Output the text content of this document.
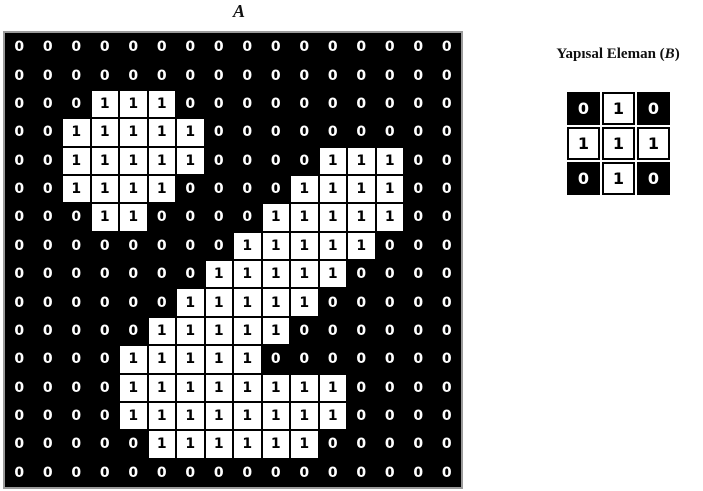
A
0	0	0	0	0	0	0	0	0	0	0	0	0	0	0	0
0	0	0	0	0	0	0	0	0	0	0	0	0	0	0	0
0	0	0	1	1	1	0	0	0	0	0	0	0	0	0	0
0	0	1	1	1	1	1	0	0	0	0	0	0	0	0	0
0	0	1	1	1	1	1	0	0	0	0	1	1	1	0	0
0	0	1	1	1	1	0	0	0	0	1	1	1	1	0	0
0	0	0	1	1	0	0	0	0	1	1	1	1	1	0	0
0	0	0	0	0	0	0	0	1	1	1	1	1	0	0	0
0	0	0	0	0	0	0	1	1	1	1	1	0	0	0	0
0	0	0	0	0	0	1	1	1	1	1	0	0	0	0	0
0	0	0	0	0	1	1	1	1	1	0	0	0	0	0	0
0	0	0	0	1	1	1	1	1	0	0	0	0	0	0	0
0	0	0	0	1	1	1	1	1	1	1	1	0	0	0	0
0	0	0	0	1	1	1	1	1	1	1	1	0	0	0	0
0	0	0	0	0	1	1	1	1	1	1	0	0	0	0	0
0	0	0	0	0	0	0	0	0	0	0	0	0	0	0	0
Yapısal Eleman (B)
0	1	0
1	1	1
0	1	0
